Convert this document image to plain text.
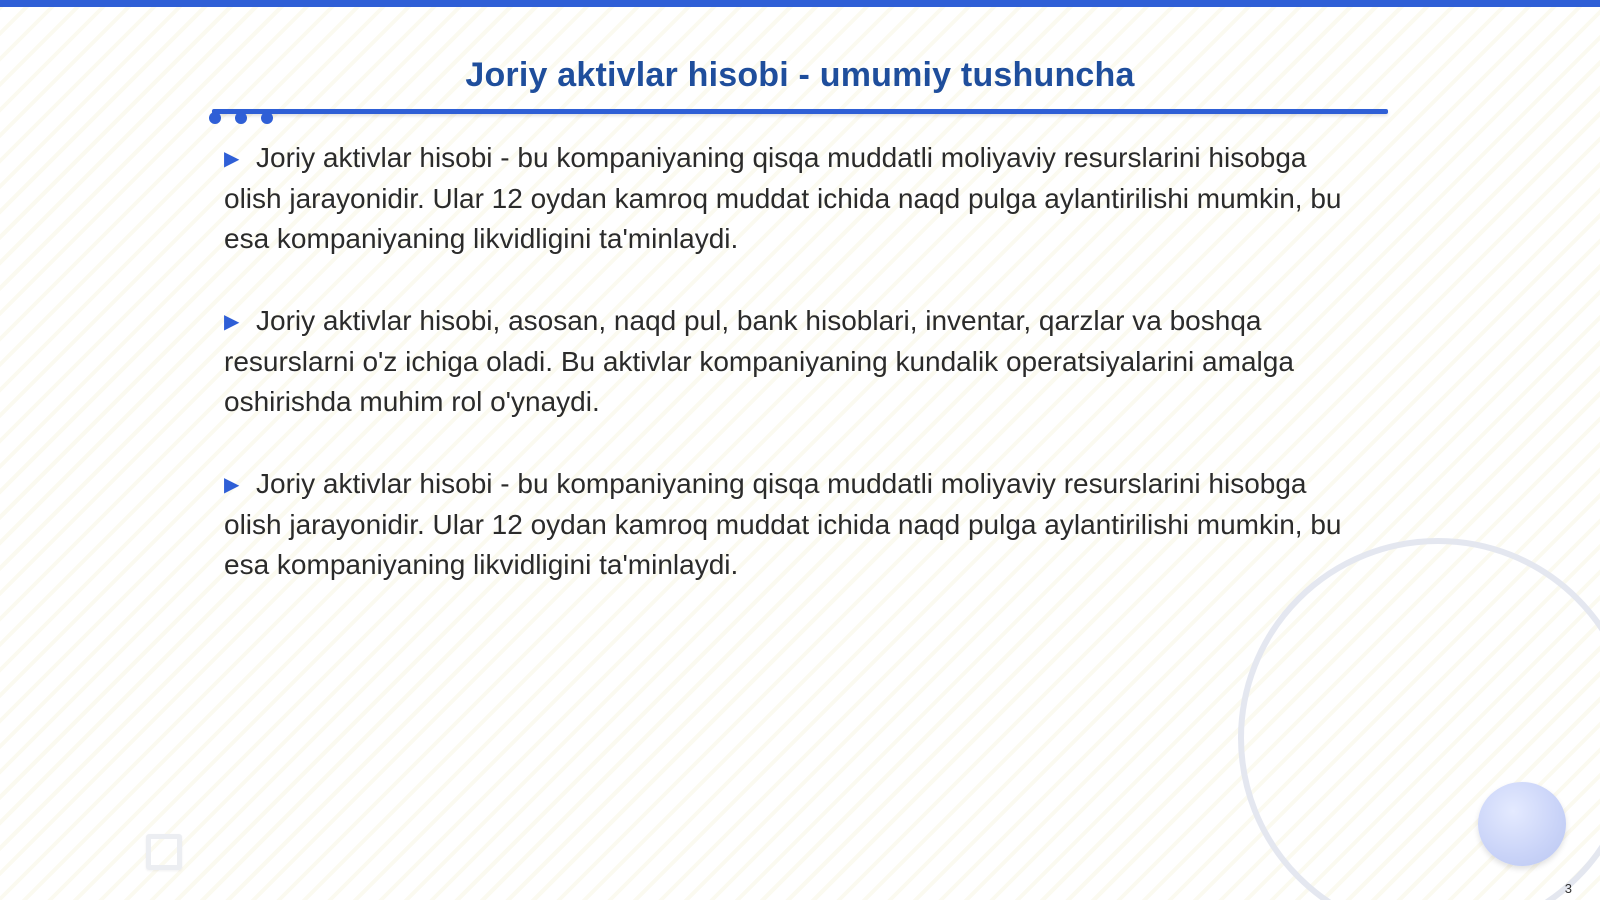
Joriy aktivlar hisobi - umumiy tushuncha
▶ Joriy aktivlar hisobi - bu kompaniyaning qisqa muddatli moliyaviy resurslarini hisobga olish jarayonidir. Ular 12 oydan kamroq muddat ichida naqd pulga aylantirilishi mumkin, bu esa kompaniyaning likvidligini ta'minlaydi.
▶ Joriy aktivlar hisobi, asosan, naqd pul, bank hisoblari, inventar, qarzlar va boshqa resurslarni o'z ichiga oladi. Bu aktivlar kompaniyaning kundalik operatsiyalarini amalga oshirishda muhim rol o'ynaydi.
▶ Joriy aktivlar hisobi - bu kompaniyaning qisqa muddatli moliyaviy resurslarini hisobga olish jarayonidir. Ular 12 oydan kamroq muddat ichida naqd pulga aylantirilishi mumkin, bu esa kompaniyaning likvidligini ta'minlaydi.
3
